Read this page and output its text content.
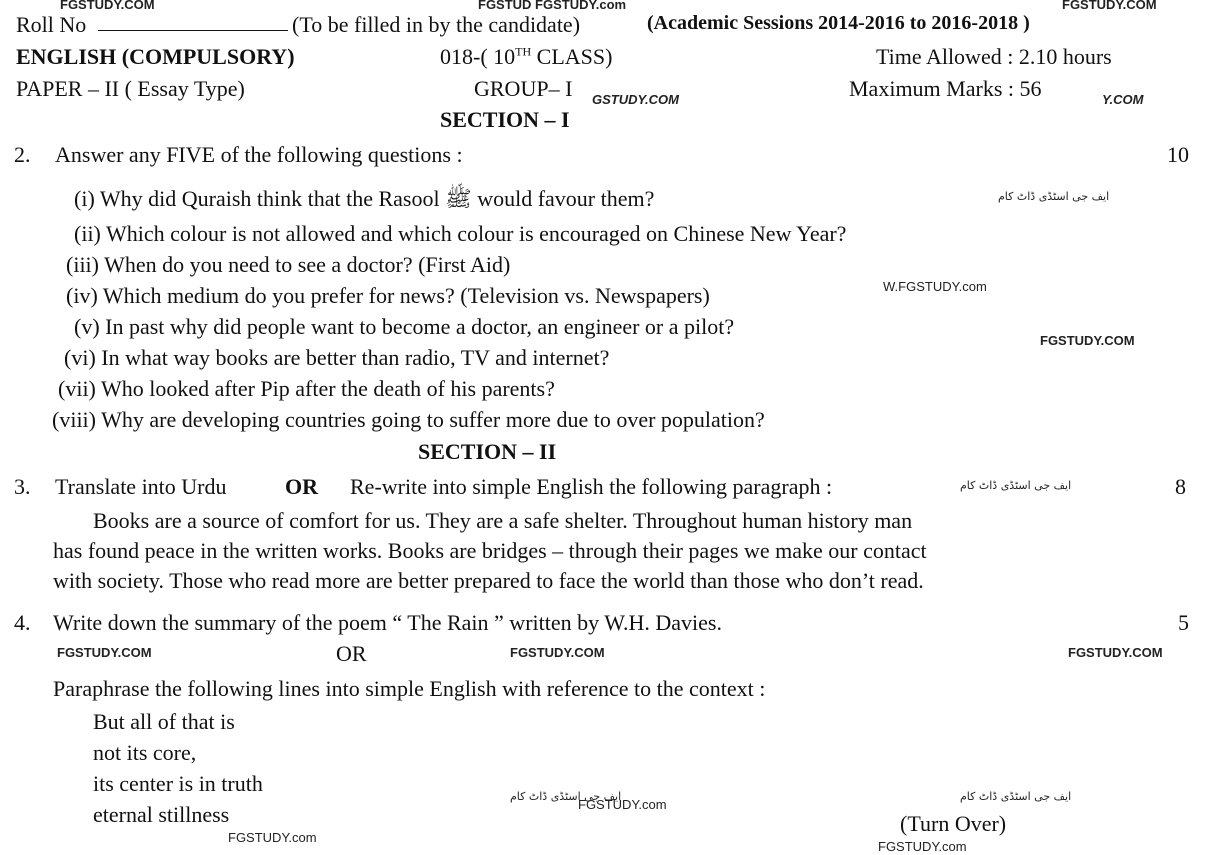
FGSTUDY.COM	FGSTUD FGSTUDY.com	FGSTUDY.COM
Roll No	(To be filled in by the candidate)	(Academic Sessions 2014-2016 to 2016-2018 )
ENGLISH (COMPULSORY)	018-( 10TH CLASS)	Time Allowed : 2.10 hours
PAPER – II ( Essay Type)	GROUP– I GSTUDY.COM	Maximum Marks : 56	Y.COM
SECTION – I
2. Answer any FIVE of the following questions :	10
(i) Why did Quraish think that the Rasool ﷺ would favour them?	ایف جی اسٹڈی ڈاٹ کام
(ii) Which colour is not allowed and which colour is encouraged on Chinese New Year?
(iii) When do you need to see a doctor? (First Aid)
(iv) Which medium do you prefer for news? (Television vs. Newspapers)	W.FGSTUDY.com
(v) In past why did people want to become a doctor, an engineer or a pilot?
FGSTUDY.COM
(vi) In what way books are better than radio, TV and internet?
(vii) Who looked after Pip after the death of his parents?
(viii) Why are developing countries going to suffer more due to over population?
SECTION – II
3. Translate into Urdu	OR Re-write into simple English the following paragraph :	ایف جی اسٹڈی ڈاٹ کام	8
Books are a source of comfort for us. They are a safe shelter. Throughout human history man
has found peace in the written works. Books are bridges – through their pages we make our contact
with society. Those who read more are better prepared to face the world than those who don’t read.
4. Write down the summary of the poem “ The Rain ” written by W.H. Davies.	5
FGSTUDY.COM	OR	FGSTUDY.COM	FGSTUDY.COM
Paraphrase the following lines into simple English with reference to the context :
But all of that is
not its core,
its center is in truth
eternal stillness
ایف جی اسٹڈی ڈاٹ کام
FGSTUDY.com
ایف جی اسٹڈی ڈاٹ کام
FGSTUDY.com
(Turn Over)
FGSTUDY.com
